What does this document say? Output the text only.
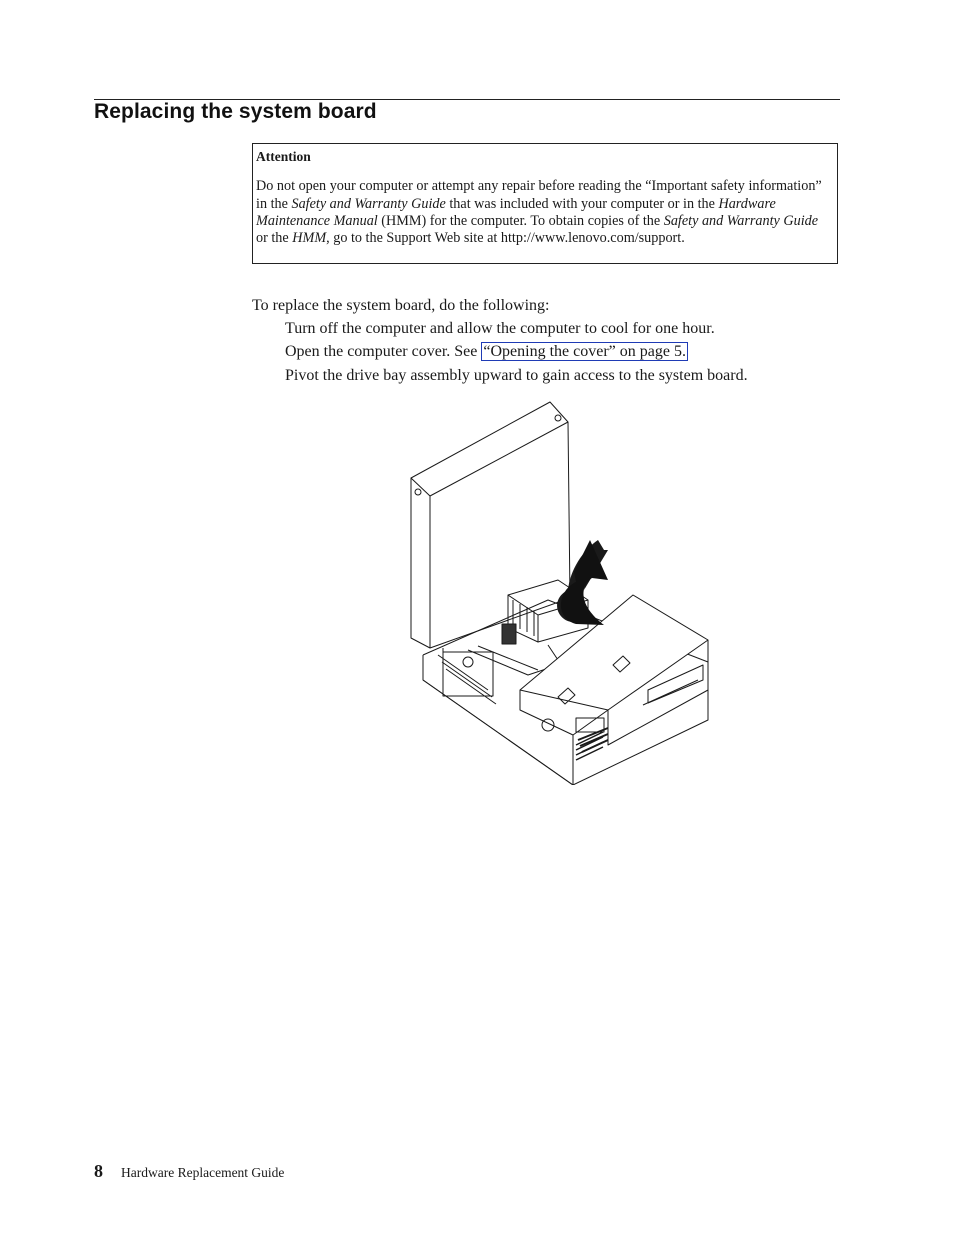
Replacing the system board
Attention

Do not open your computer or attempt any repair before reading the “Important safety information” in the Safety and Warranty Guide that was included with your computer or in the Hardware Maintenance Manual (HMM) for the computer. To obtain copies of the Safety and Warranty Guide or the HMM, go to the Support Web site at http://www.lenovo.com/support.

To replace the system board, do the following:

Turn off the computer and allow the computer to cool for one hour.

Open the computer cover. See “Opening the cover” on page 5.

Pivot the drive bay assembly upward to gain access to the system board.

8 Hardware Replacement Guide
